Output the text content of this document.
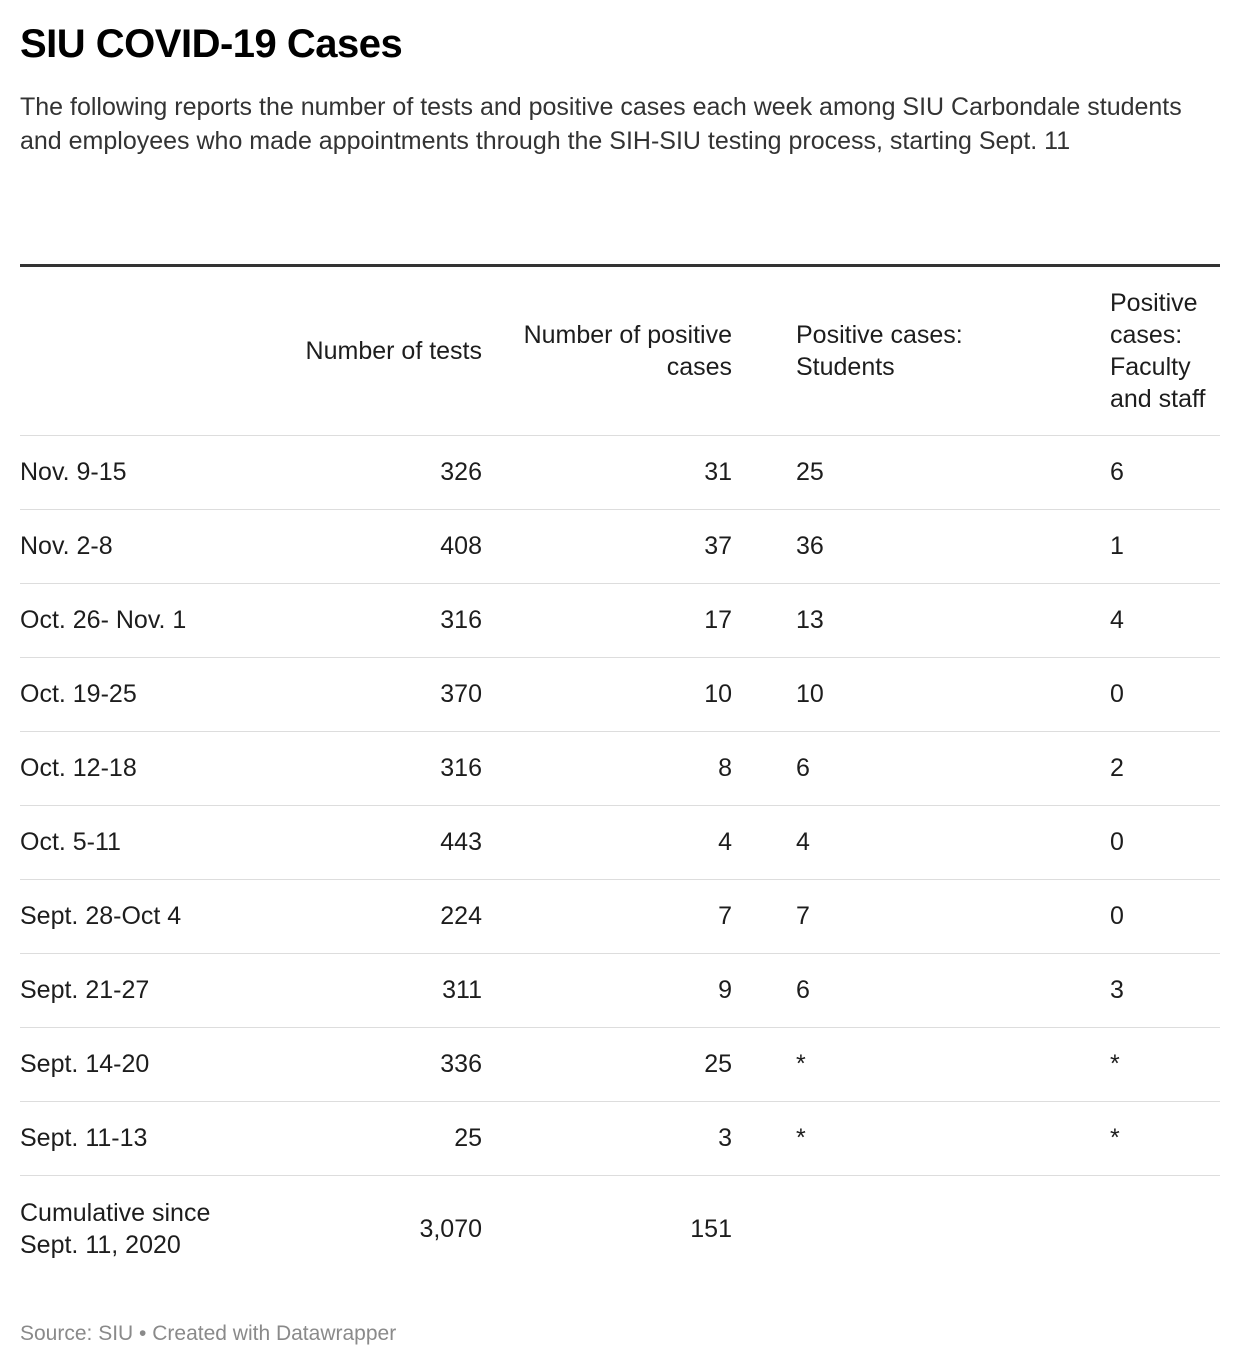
SIU COVID-19 Cases
The following reports the number of tests and positive cases each week among SIU Carbondale students and employees who made appointments through the SIH-SIU testing process, starting Sept. 11
	Number of tests	Number of positive cases	Positive cases: Students	Positive cases: Faculty and staff
Nov. 9-15	326	31	25	6
Nov. 2-8	408	37	36	1
Oct. 26- Nov. 1	316	17	13	4
Oct. 19-25	370	10	10	0
Oct. 12-18	316	8	6	2
Oct. 5-11	443	4	4	0
Sept. 28-Oct 4	224	7	7	0
Sept. 21-27	311	9	6	3
Sept. 14-20	336	25	*	*
Sept. 11-13	25	3	*	*
Cumulative since Sept. 11, 2020	3,070	151		
Source: SIU • Created with Datawrapper
